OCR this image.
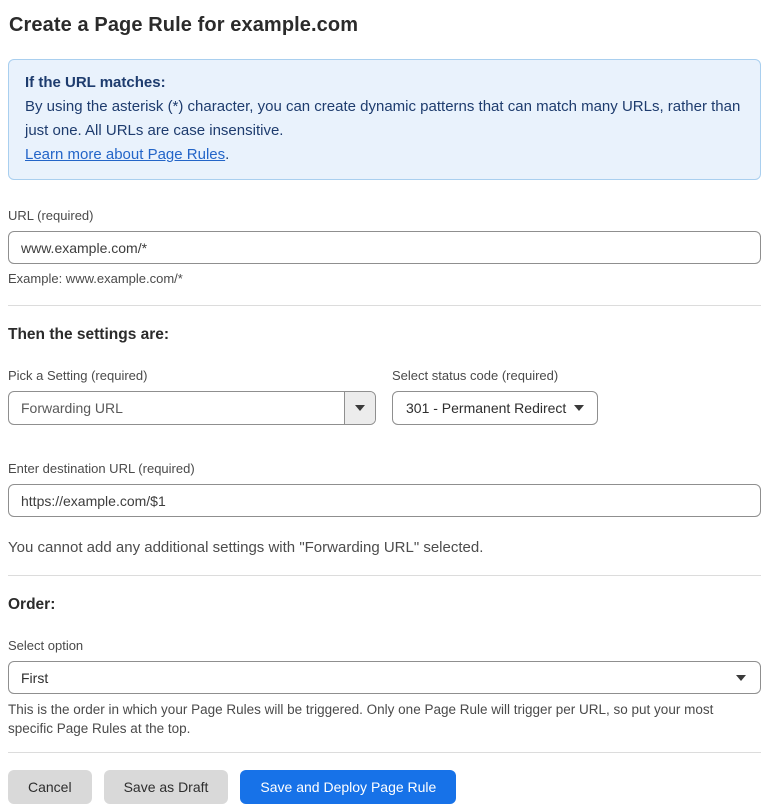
Create a Page Rule for example.com
If the URL matches:
By using the asterisk (*) character, you can create dynamic patterns that can match many URLs, rather than just one. All URLs are case insensitive.
Learn more about Page Rules.
URL (required)
www.example.com/*
Example: www.example.com/*
Then the settings are:
Pick a Setting (required)
Forwarding URL
Select status code (required)
301 - Permanent Redirect
Enter destination URL (required)
https://example.com/$1
You cannot add any additional settings with "Forwarding URL" selected.
Order:
Select option
First
This is the order in which your Page Rules will be triggered. Only one Page Rule will trigger per URL, so put your most specific Page Rules at the top.
Cancel	Save as Draft	Save and Deploy Page Rule
